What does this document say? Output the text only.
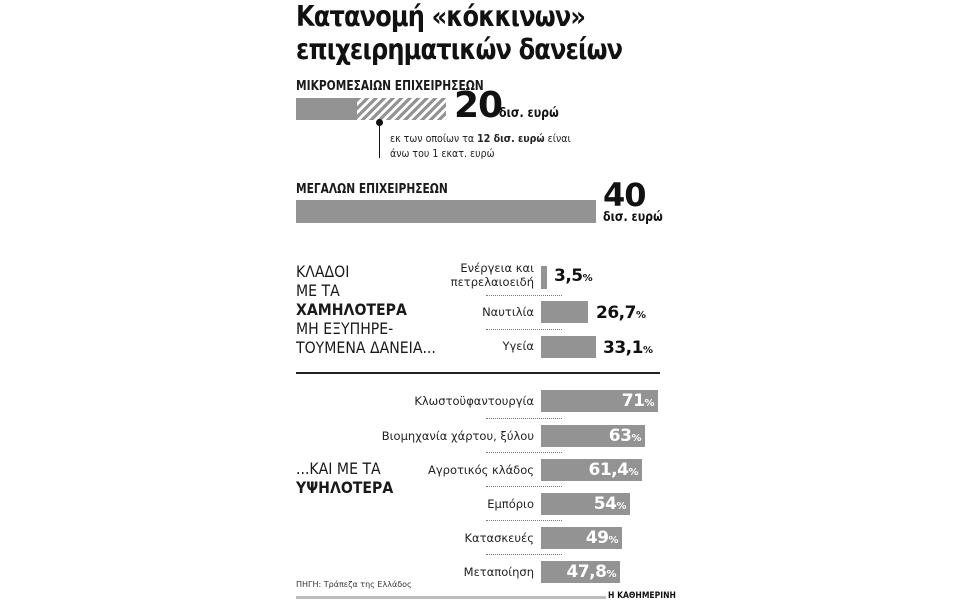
Κατανομή «κόκκινων»
επιχειρηματικών δανείων
ΜΙΚΡΟΜΕΣΑΙΩΝ ΕΠΙΧΕΙΡΗΣΕΩΝ
20
δισ. ευρώ
εκ των οποίων τα 12 δισ. ευρώ είναι
άνω του 1 εκατ. ευρώ
ΜΕΓΑΛΩΝ ΕΠΙΧΕΙΡΗΣΕΩΝ	40
δισ. ευρώ
ΚΛΑΔΟΙ
ΜΕ ΤΑ
ΧΑΜΗΛΟΤΕΡΑ
ΜΗ ΕΞΥΠΗΡΕ-
ΤΟΥΜΕΝΑ ΔΑΝΕΙΑ...
Ενέργεια και
πετρελαιοειδή 3,5%
Ναυτιλία	26,7%
Υγεία	33,1%
...ΚΑΙ ΜΕ ΤΑ
ΥΨΗΛΟΤΕΡΑ
Κλωστοϋφαντουργία	71%
Βιομηχανία χάρτου, ξύλου	63%
Αγροτικός κλάδος	61,4%
Εμπόριο	54%
Κατασκευές	49%
Μεταποίηση 47,8%
ΠΗΓΗ: Τράπεζα της Ελλάδος
Η ΚΑΘΗΜΕΡΙΝΗ
